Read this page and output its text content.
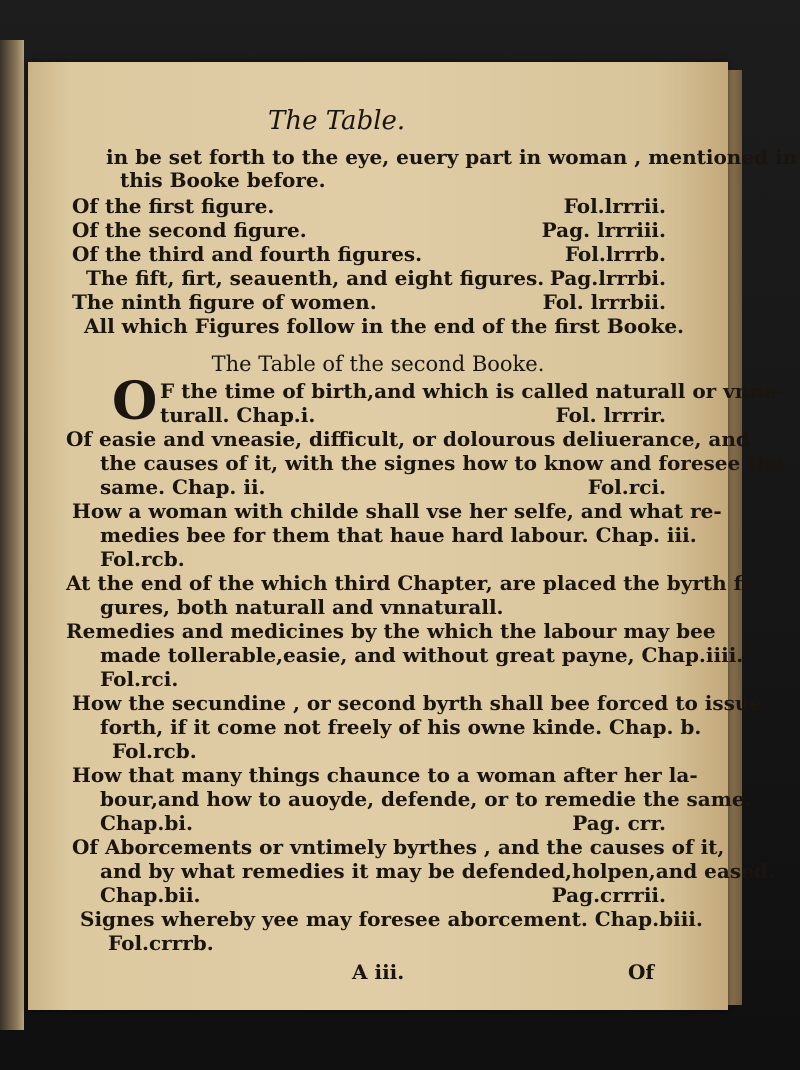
The Table.
in be set forth to the eye, euery part in woman , mentioned in
this Booke before.
Of the first figure.	Fol.lrrrii.
Of the second figure.	Pag. lrrriii.
Of the third and fourth figures.	Fol.lrrrb.
The fift, firt, seauenth, and eight figures. Pag.lrrrbi.
The ninth figure of women.	Fol. lrrrbii.
All which Figures follow in the end of the first Booke.
The Table of the second Booke.
O F the time of birth,and which is called naturall or vnna-
turall. Chap.i.	Fol. lrrrir.
Of easie and vneasie, difficult, or dolourous deliuerance, and
the causes of it, with the signes how to know and foresee the
same. Chap. ii.	Fol.rci.
How a woman with childe shall vse her selfe, and what re-
medies bee for them that haue hard labour. Chap. iii.
Fol.rcb.
At the end of the which third Chapter, are placed the byrth fi-
gures, both naturall and vnnaturall.
Remedies and medicines by the which the labour may bee
made tollerable,easie, and without great payne, Chap.iiii.
Fol.rci.
How the secundine , or second byrth shall bee forced to issue
forth, if it come not freely of his owne kinde. Chap. b.
Fol.rcb.
How that many things chaunce to a woman after her la-
bour,and how to auoyde, defende, or to remedie the same.
Chap.bi.	Pag. crr.
Of Aborcements or vntimely byrthes , and the causes of it,
and by what remedies it may be defended,holpen,and eased.
Chap.bii.	Pag.crrrii.
Signes whereby yee may foresee aborcement. Chap.biii.
Fol.crrrb.
A iii.	Of
